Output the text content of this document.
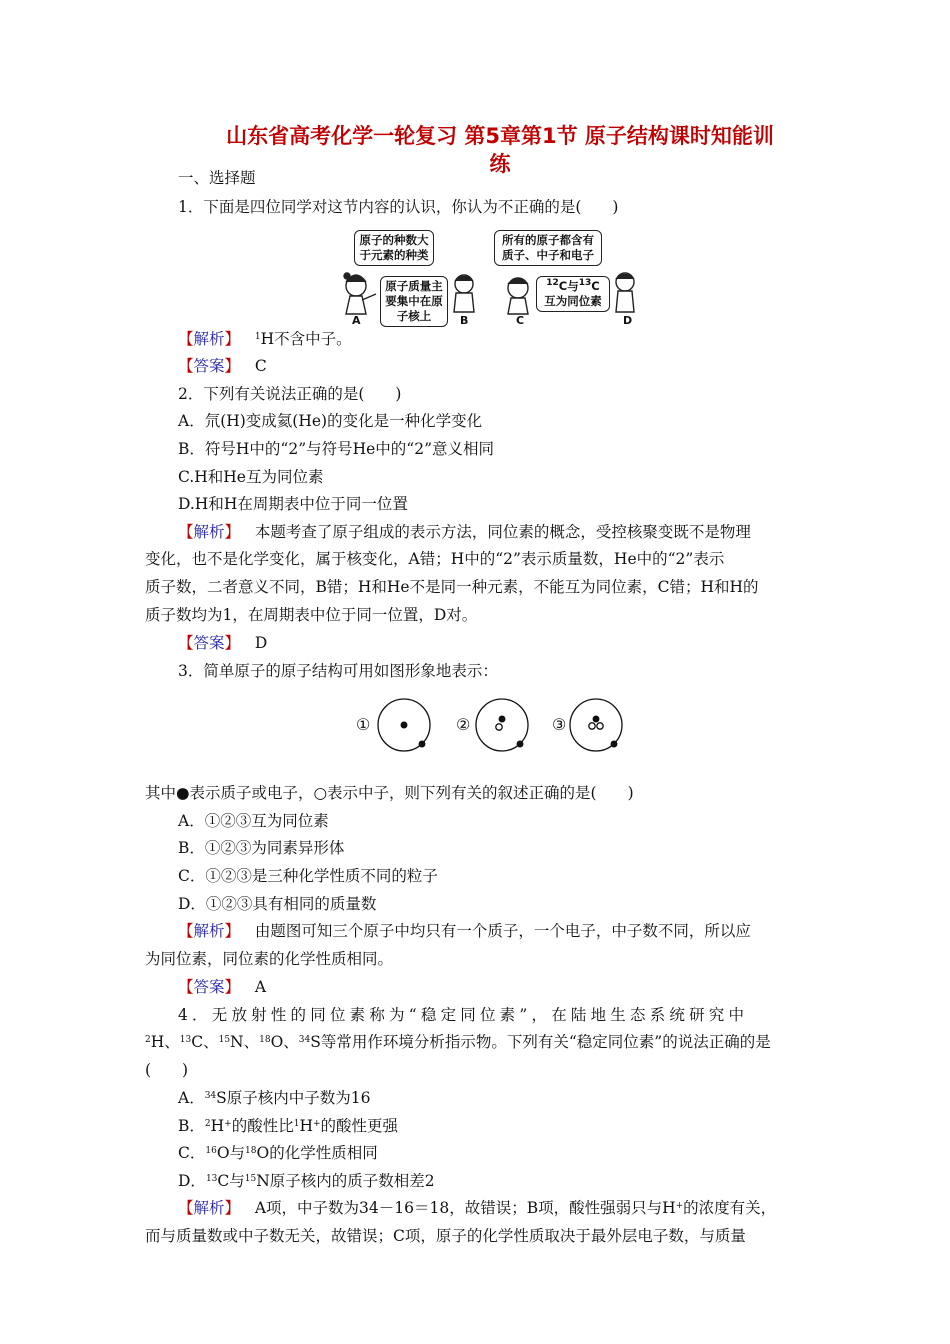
山东省高考化学一轮复习 第5章第1节 原子结构课时知能训
练
一、选择题
1．下面是四位同学对这节内容的认识，你认为不正确的是(　　)
原子的种数大于元素的种类
原子质量主要集中在原子核上
所有的原子都含有质子、中子和电子
$^{12}$C与$^{13}$C
互为同位素
A	B	C	D
【解析】 $^1$H不含中子。
【答案】 C
2．下列有关说法正确的是(　　)
A．氘(H)变成氦(He)的变化是一种化学变化
B．符号H中的“2”与符号He中的“2”意义相同
C.H和He互为同位素
D.H和H在周期表中位于同一位置
【解析】 本题考查了原子组成的表示方法，同位素的概念，受控核聚变既不是物理
变化，也不是化学变化，属于核变化，A错；H中的“2”表示质量数，He中的“2”表示
质子数，二者意义不同，B错；H和He不是同一种元素，不能互为同位素，C错；H和H的
质子数均为1，在周期表中位于同一位置，D对。
【答案】 D
3．简单原子的原子结构可用如图形象地表示：
①	②	③
其中●表示质子或电子，○表示中子，则下列有关的叙述正确的是(　　)
A．①②③互为同位素
B．①②③为同素异形体
C．①②③是三种化学性质不同的粒子
D．①②③具有相同的质量数
【解析】 由题图可知三个原子中均只有一个质子，一个电子，中子数不同，所以应
为同位素，同位素的化学性质相同。
【答案】 A
4．无放射性的同位素称为“稳定同位素”，在陆地生态系统研究中
$^2$H、$^{13}$C、$^{15}$N、$^{18}$O、$^{34}$S等常用作环境分析指示物。下列有关“稳定同位素”的说法正确的是
(　　)
A．$^{34}$S原子核内中子数为16
B．$^2$H+的酸性比$^1$H+的酸性更强
C．$^{16}$O与$^{18}$O的化学性质相同
D．$^{13}$C与$^{15}$N原子核内的质子数相差2
【解析】 A项，中子数为34－16＝18，故错误；B项，酸性强弱只与H+的浓度有关，
而与质量数或中子数无关，故错误；C项，原子的化学性质取决于最外层电子数，与质量
